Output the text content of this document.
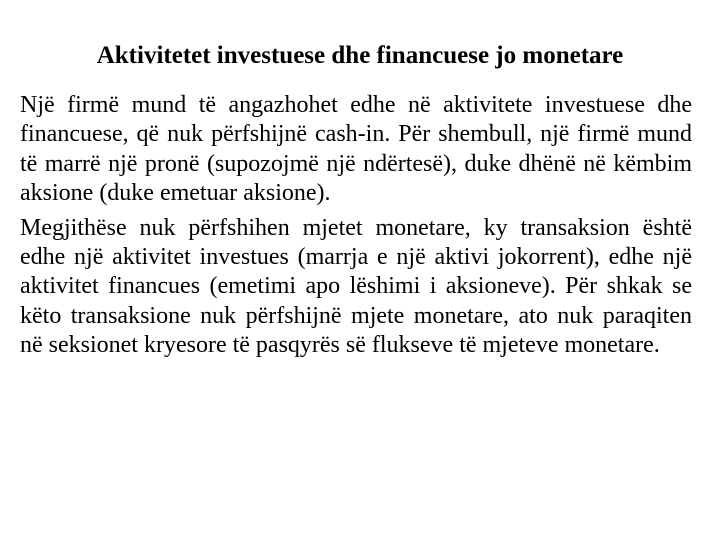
Aktivitetet investuese dhe financuese jo monetare

Një firmë mund të angazhohet edhe në aktivitete investuese dhe financuese, që nuk përfshijnë cash-in. Për shembull, një firmë mund të marrë një pronë (supozojmë një ndërtesë), duke dhënë në këmbim aksione (duke emetuar aksione).

Megjithëse nuk përfshihen mjetet monetare, ky transaksion është edhe një aktivitet investues (marrja e një aktivi jokorrent), edhe një aktivitet financues (emetimi apo lëshimi i aksioneve). Për shkak se këto transaksione nuk përfshijnë mjete monetare, ato nuk paraqiten në seksionet kryesore të pasqyrës së flukseve të mjeteve monetare.
